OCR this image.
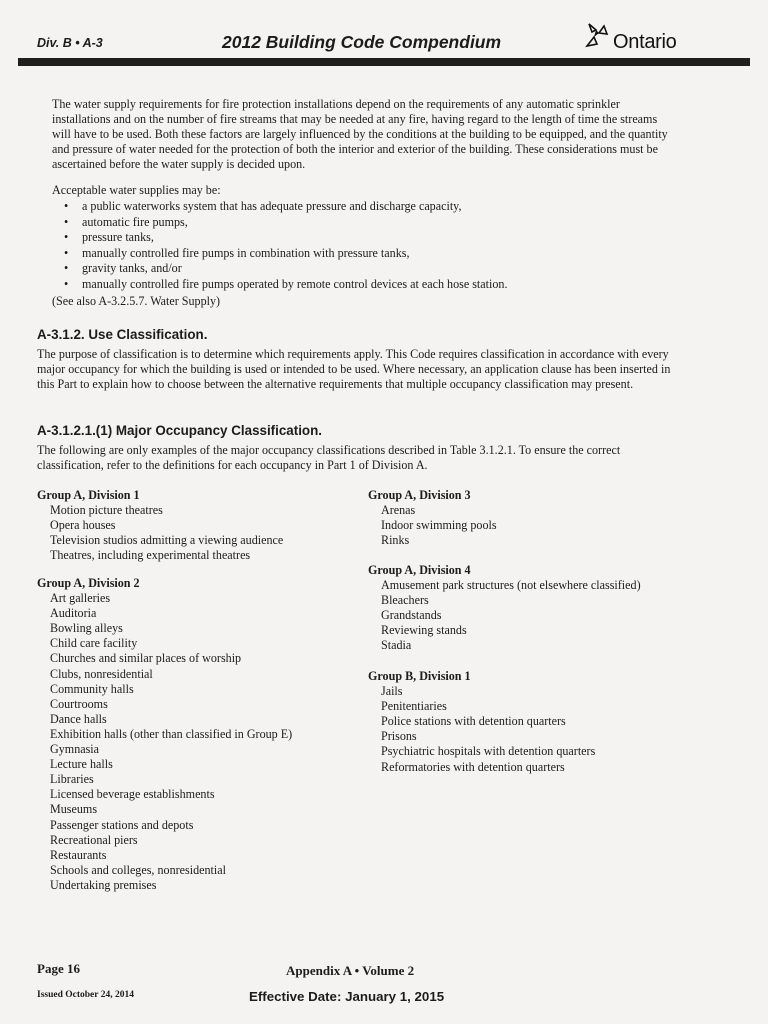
Div. B • A-3	2012 Building Code Compendium	Ontario

The water supply requirements for fire protection installations depend on the requirements of any automatic sprinkler installations and on the number of fire streams that may be needed at any fire, having regard to the length of time the streams will have to be used. Both these factors are largely influenced by the conditions at the building to be equipped, and the quantity and pressure of water needed for the protection of both the interior and exterior of the building. These considerations must be ascertained before the water supply is decided upon.

Acceptable water supplies may be:
• a public waterworks system that has adequate pressure and discharge capacity,
• automatic fire pumps,
• pressure tanks,
• manually controlled fire pumps in combination with pressure tanks,
• gravity tanks, and/or
• manually controlled fire pumps operated by remote control devices at each hose station.
(See also A-3.2.5.7. Water Supply)
A-3.1.2. Use Classification.

The purpose of classification is to determine which requirements apply. This Code requires classification in accordance with every major occupancy for which the building is used or intended to be used. Where necessary, an application clause has been inserted in this Part to explain how to choose between the alternative requirements that multiple occupancy classification may present.

A-3.1.2.1.(1) Major Occupancy Classification.

The following are only examples of the major occupancy classifications described in Table 3.1.2.1. To ensure the correct classification, refer to the definitions for each occupancy in Part 1 of Division A.

Group A, Division 1
Motion picture theatres
Opera houses
Television studios admitting a viewing audience
Theatres, including experimental theatres
Group A, Division 2
Art galleries
Auditoria
Bowling alleys
Child care facility
Churches and similar places of worship
Clubs, nonresidential
Community halls
Courtrooms
Dance halls
Exhibition halls (other than classified in Group E)
Gymnasia
Lecture halls
Libraries
Licensed beverage establishments
Museums
Passenger stations and depots
Recreational piers
Restaurants
Schools and colleges, nonresidential
Undertaking premises
Group A, Division 3
Arenas
Indoor swimming pools
Rinks
Group A, Division 4
Amusement park structures (not elsewhere classified)
Bleachers
Grandstands
Reviewing stands
Stadia
Group B, Division 1
Jails
Penitentiaries
Police stations with detention quarters
Prisons
Psychiatric hospitals with detention quarters
Reformatories with detention quarters
Page 16
Issued October 24, 2014
Appendix A • Volume 2
Effective Date: January 1, 2015
